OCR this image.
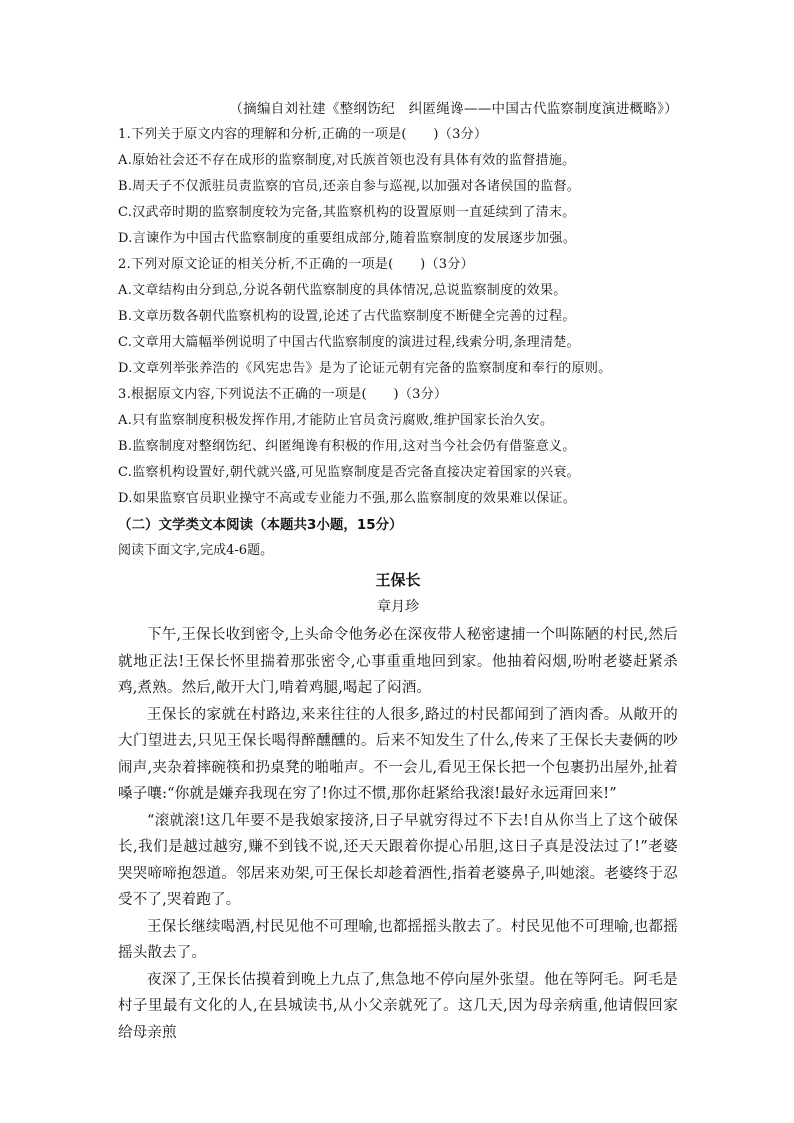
（摘编自刘社建《整纲饬纪　纠匿绳谗——中国古代监察制度演进概略》）

1.下列关于原文内容的理解和分析,正确的一项是(　　)（3分）

A.原始社会还不存在成形的监察制度,对氏族首领也没有具体有效的监督措施。

B.周天子不仅派驻员责监察的官员,还亲自参与巡视,以加强对各诸侯国的监督。

C.汉武帝时期的监察制度较为完备,其监察机构的设置原则一直延续到了清末。

D.言谏作为中国古代监察制度的重要组成部分,随着监察制度的发展逐步加强。

2.下列对原文论证的相关分析,不正确的一项是(　　)（3分）

A.文章结构由分到总,分说各朝代监察制度的具体情况,总说监察制度的效果。

B.文章历数各朝代监察机构的设置,论述了古代监察制度不断健全完善的过程。

C.文章用大篇幅举例说明了中国古代监察制度的演进过程,线索分明,条理清楚。

D.文章列举张养浩的《风宪忠告》是为了论证元朝有完备的监察制度和奉行的原则。

3.根据原文内容,下列说法不正确的一项是(　　)（3分）

A.只有监察制度积极发挥作用,才能防止官员贪污腐败,维护国家长治久安。

B.监察制度对整纲饬纪、纠匿绳谗有积极的作用,这对当今社会仍有借鉴意义。

C.监察机构设置好,朝代就兴盛,可见监察制度是否完备直接决定着国家的兴衰。

D.如果监察官员职业操守不高或专业能力不强,那么监察制度的效果难以保证。

（二）文学类文本阅读（本题共3小题，15分）

阅读下面文字,完成4-6题。

王保长

章月珍

下午,王保长收到密令,上头命令他务必在深夜带人秘密逮捕一个叫陈陋的村民,然后就地正法!王保长怀里揣着那张密令,心事重重地回到家。他抽着闷烟,吩咐老婆赶紧杀鸡,煮熟。然后,敞开大门,啃着鸡腿,喝起了闷酒。

王保长的家就在村路边,来来往往的人很多,路过的村民都闻到了酒肉香。从敞开的大门望进去,只见王保长喝得醉醺醺的。后来不知发生了什么,传来了王保长夫妻俩的吵闹声,夹杂着摔碗筷和扔桌凳的啪啪声。不一会儿,看见王保长把一个包裹扔出屋外,扯着嗓子嚷:“你就是嫌弃我现在穷了!你过不惯,那你赶紧给我滚!最好永远甭回来!”

“滚就滚!这几年要不是我娘家接济,日子早就穷得过不下去!自从你当上了这个破保长,我们是越过越穷,赚不到钱不说,还天天跟着你提心吊胆,这日子真是没法过了!”老婆哭哭啼啼抱怨道。邻居来劝架,可王保长却趁着酒性,指着老婆鼻子,叫她滚。老婆终于忍受不了,哭着跑了。

王保长继续喝酒,村民见他不可理喻,也都摇摇头散去了。村民见他不可理喻,也都摇摇头散去了。

夜深了,王保长估摸着到晚上九点了,焦急地不停向屋外张望。他在等阿毛。阿毛是村子里最有文化的人,在县城读书,从小父亲就死了。这几天,因为母亲病重,他请假回家给母亲煎
